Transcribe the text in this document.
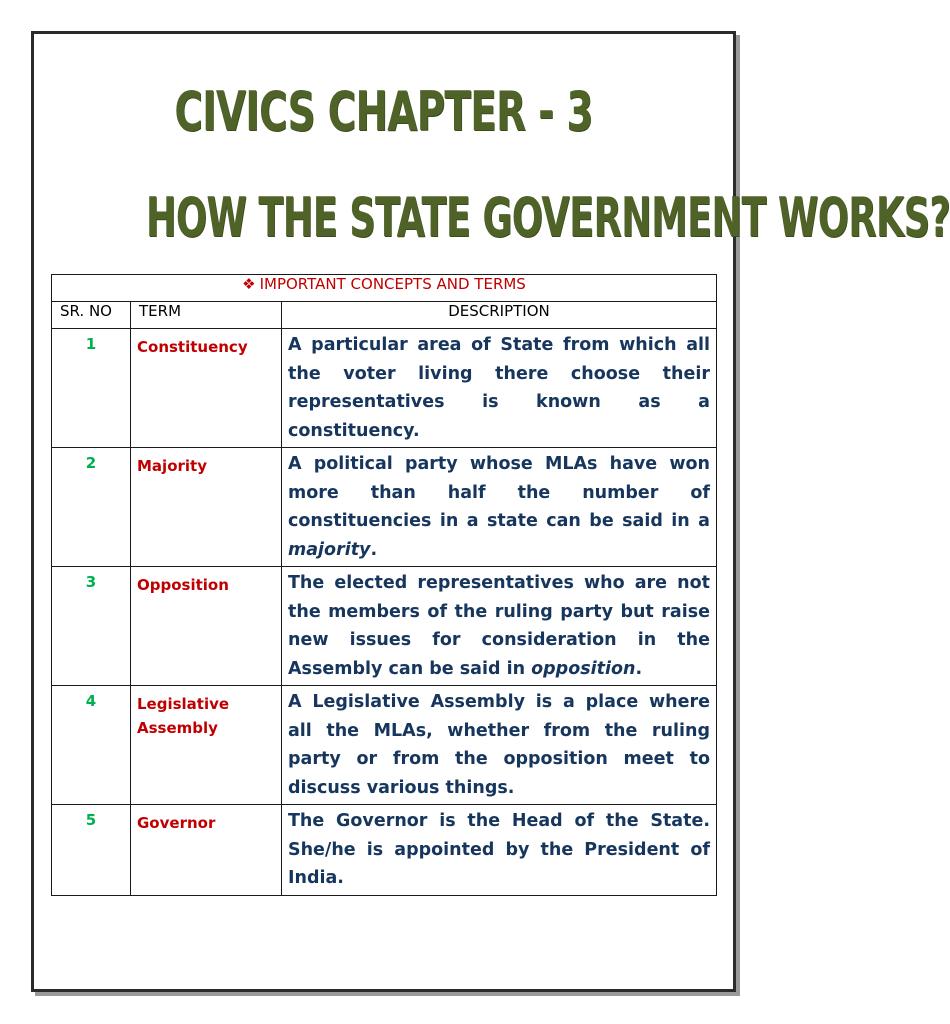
CIVICS CHAPTER - 3
HOW THE STATE GOVERNMENT WORKS?
❖ IMPORTANT CONCEPTS AND TERMS		
SR. NO	TERM	DESCRIPTION
1	Constituency	A particular area of State from which all the voter living there choose their representatives is known as a constituency.
2	Majority	A political party whose MLAs have won more than half the number of constituencies in a state can be said in a majority.
3	Opposition	The elected representatives who are not the members of the ruling party but raise new issues for consideration in the Assembly can be said in opposition.
4	Legislative Assembly	A Legislative Assembly is a place where all the MLAs, whether from the ruling party or from the opposition meet to discuss various things.
5	Governor	The Governor is the Head of the State. She/he is appointed by the President of India.
